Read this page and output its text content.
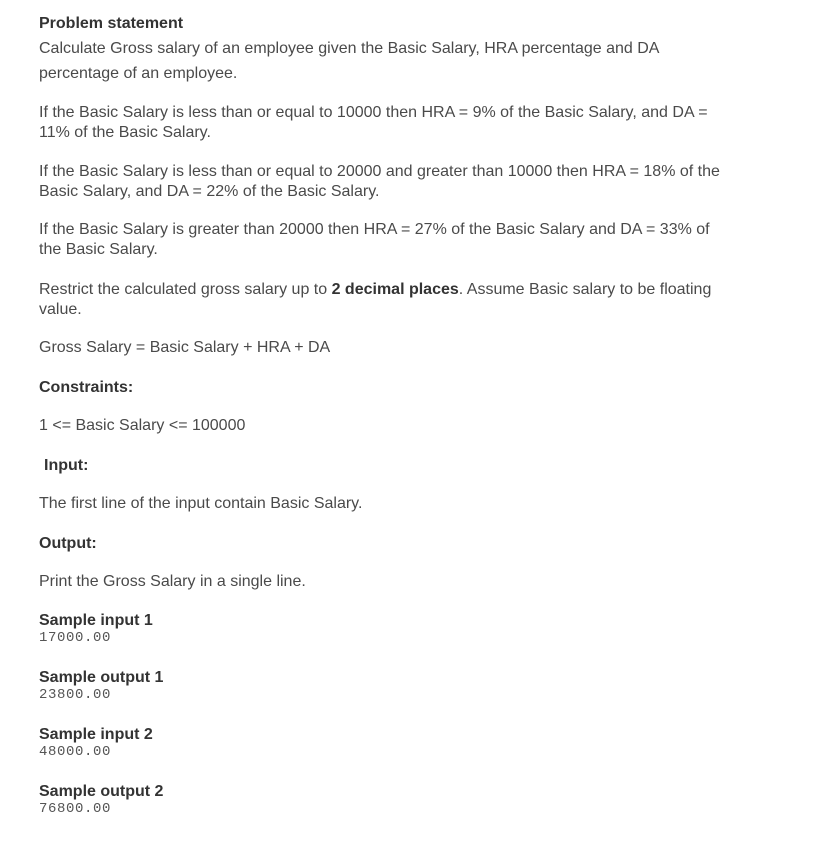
Problem statement
Calculate Gross salary of an employee given the Basic Salary, HRA percentage and DA
percentage of an employee.
If the Basic Salary is less than or equal to 10000 then HRA = 9% of the Basic Salary, and DA =
11% of the Basic Salary.
If the Basic Salary is less than or equal to 20000 and greater than 10000 then HRA = 18% of the
Basic Salary, and DA = 22% of the Basic Salary.
If the Basic Salary is greater than 20000 then HRA = 27% of the Basic Salary and DA = 33% of
the Basic Salary.
Restrict the calculated gross salary up to 2 decimal places. Assume Basic salary to be floating
value.
Gross Salary = Basic Salary + HRA + DA
Constraints:
1 <= Basic Salary <= 100000
Input:
The first line of the input contain Basic Salary.
Output:
Print the Gross Salary in a single line.
Sample input 1
17000.00
Sample output 1
23800.00
Sample input 2
48000.00
Sample output 2
76800.00
